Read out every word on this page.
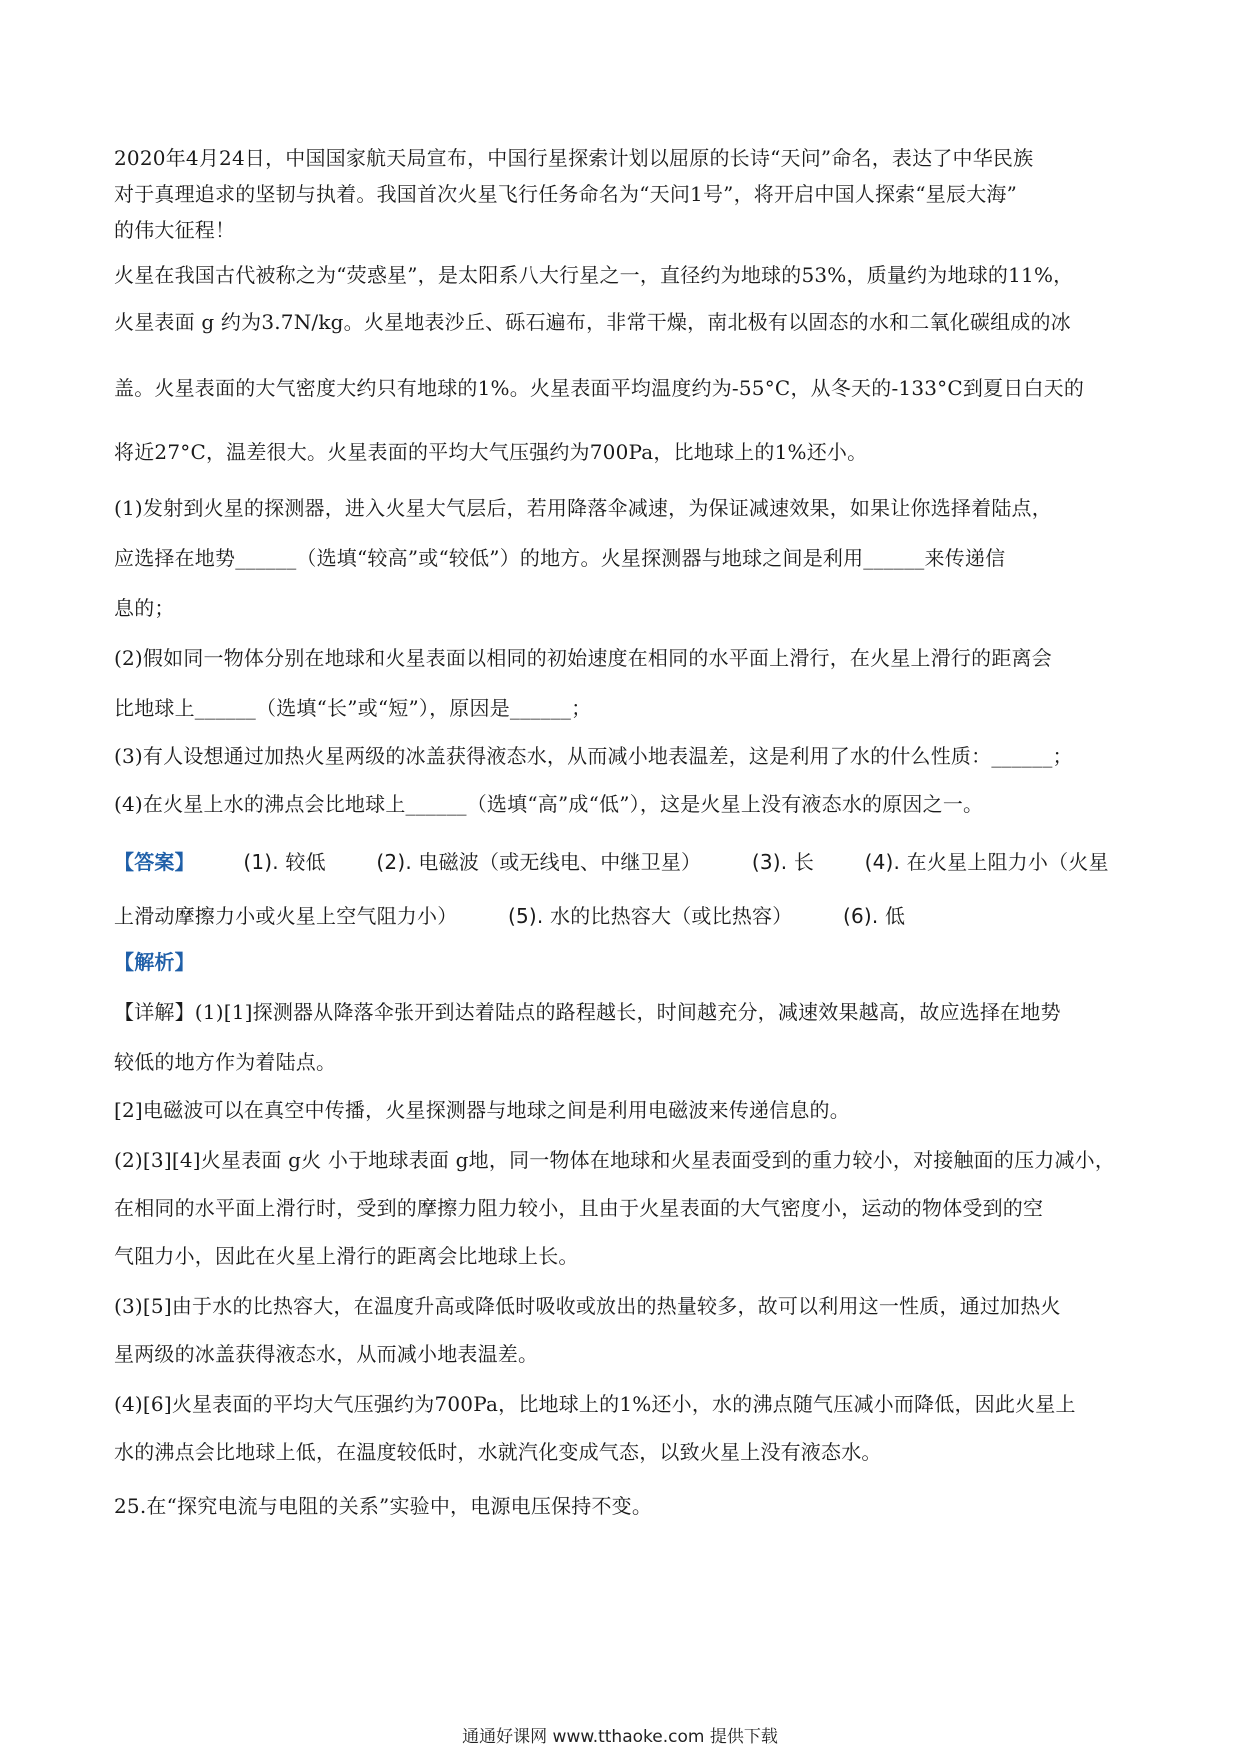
2020年4月24日，中国国家航天局宣布，中国行星探索计划以屈原的长诗“天问”命名，表达了中华民族
对于真理追求的坚韧与执着。我国首次火星飞行任务命名为“天问1号”，将开启中国人探索“星辰大海”
的伟大征程！
火星在我国古代被称之为“荧惑星”，是太阳系八大行星之一，直径约为地球的53%，质量约为地球的11%，
火星表面 g 约为3.7N/kg。火星地表沙丘、砾石遍布，非常干燥，南北极有以固态的水和二氧化碳组成的冰
盖。火星表面的大气密度大约只有地球的1%。火星表面平均温度约为-55°C，从冬天的-133°C到夏日白天的
将近27°C，温差很大。火星表面的平均大气压强约为700Pa，比地球上的1%还小。
(1)发射到火星的探测器，进入火星大气层后，若用降落伞减速，为保证减速效果，如果让你选择着陆点，
应选择在地势______（选填“较高”或“较低”）的地方。火星探测器与地球之间是利用______来传递信
息的；
(2)假如同一物体分别在地球和火星表面以相同的初始速度在相同的水平面上滑行，在火星上滑行的距离会
比地球上______（选填“长”或“短”），原因是______；
(3)有人设想通过加热火星两级的冰盖获得液态水，从而减小地表温差，这是利用了水的什么性质：______；
(4)在火星上水的沸点会比地球上______（选填“高”成“低”），这是火星上没有液态水的原因之一。
【答案】 (1). 较低	(2). 电磁波（或无线电、中继卫星）	(3). 长	(4). 在火星上阻力小（火星
上滑动摩擦力小或火星上空气阻力小）	(5). 水的比热容大（或比热容）	(6). 低
【解析】
【详解】(1)[1]探测器从降落伞张开到达着陆点的路程越长，时间越充分，减速效果越高，故应选择在地势
较低的地方作为着陆点。
[2]电磁波可以在真空中传播，火星探测器与地球之间是利用电磁波来传递信息的。
(2)[3][4]火星表面 g火 小于地球表面 g地，同一物体在地球和火星表面受到的重力较小，对接触面的压力减小，
在相同的水平面上滑行时，受到的摩擦力阻力较小，且由于火星表面的大气密度小，运动的物体受到的空
气阻力小，因此在火星上滑行的距离会比地球上长。
(3)[5]由于水的比热容大，在温度升高或降低时吸收或放出的热量较多，故可以利用这一性质，通过加热火
星两级的冰盖获得液态水，从而减小地表温差。
(4)[6]火星表面的平均大气压强约为700Pa，比地球上的1%还小，水的沸点随气压减小而降低，因此火星上
水的沸点会比地球上低，在温度较低时，水就汽化变成气态，以致火星上没有液态水。
25.在“探究电流与电阻的关系”实验中，电源电压保持不变。
通通好课网 www.tthaoke.com 提供下载
